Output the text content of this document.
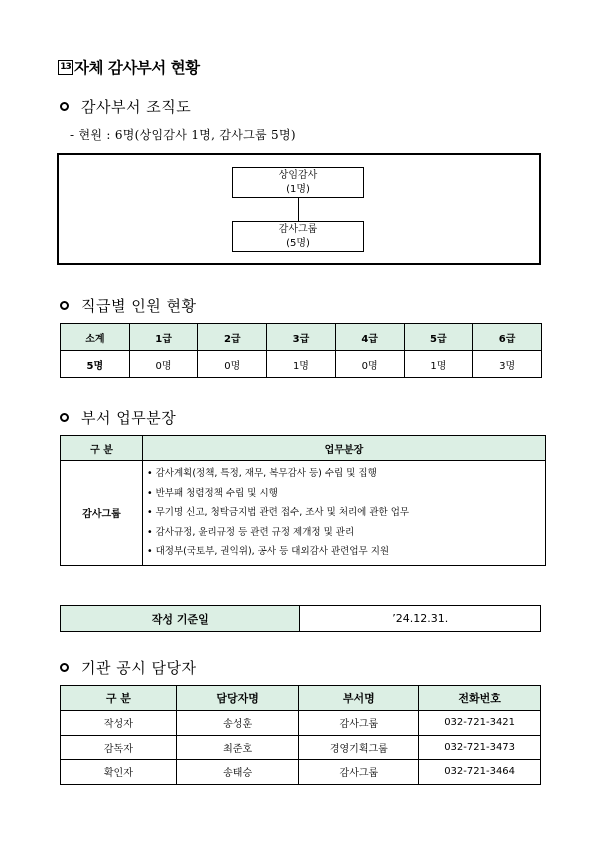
13 자체 감사부서 현황
감사부서 조직도
- 현원 : 6명(상임감사 1명, 감사그룹 5명)
상임감사
(1명)
감사그룹
(5명)
직급별 인원 현황
소계	1급	2급	3급	4급	5급	6급
5명	0명	0명	1명	0명	1명	3명
부서 업무분장
구 분	업무분장
감사그룹	• 감사계획(정책, 특정, 재무, 복무감사 등) 수립 및 집행
• 반부패 청렴정책 수립 및 시행
• 무기명 신고, 청탁금지법 관련 접수, 조사 및 처리에 관한 업무
• 감사규정, 윤리규정 등 관련 규정 제개정 및 관리
• 대정부(국토부, 권익위), 공사 등 대외감사 관련업무 지원
작성 기준일	’24.12.31.
기관 공시 담당자
구 분	담당자명	부서명	전화번호
작성자	송성훈	감사그룹	032-721-3421
감독자	최준호	경영기획그룹	032-721-3473
확인자	송태승	감사그룹	032-721-3464
